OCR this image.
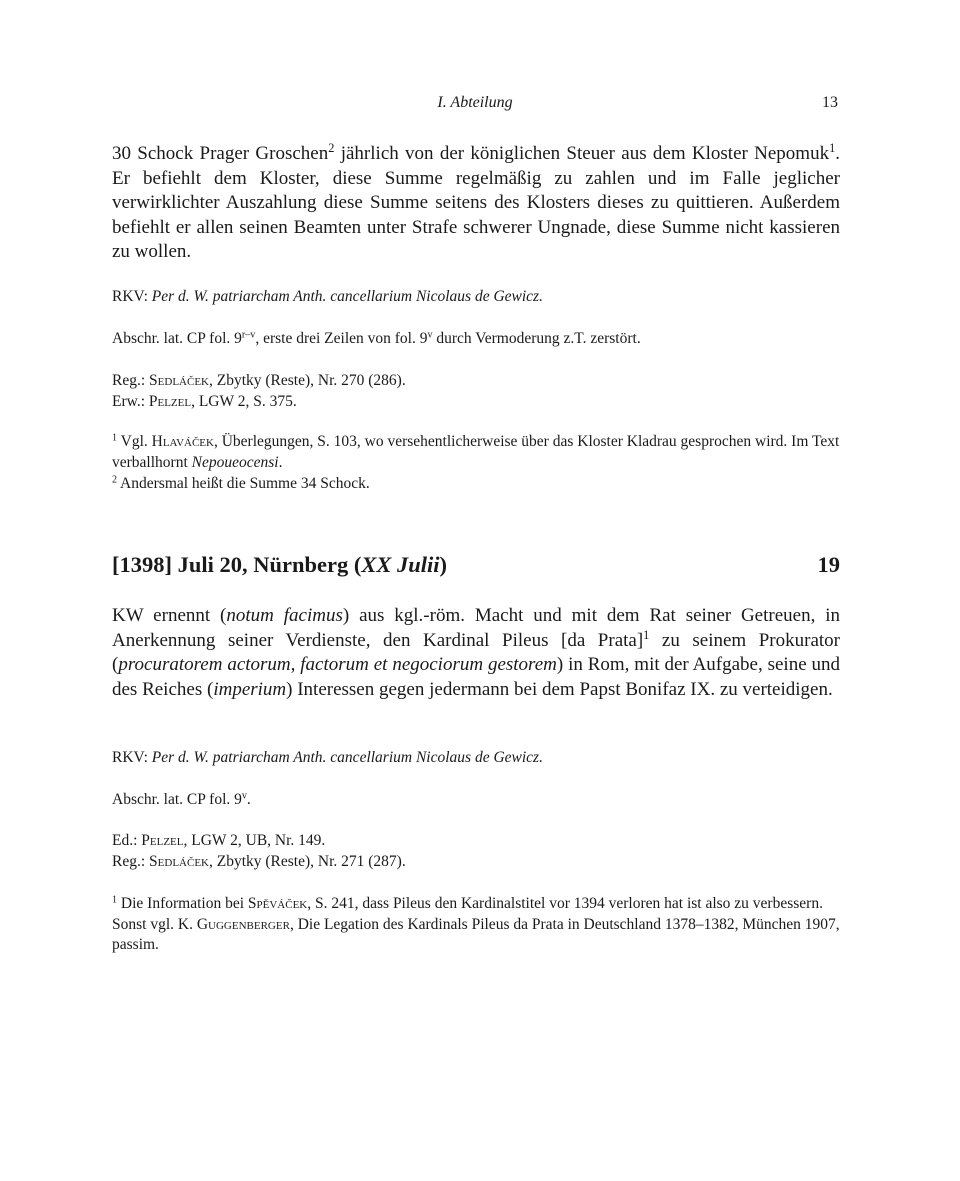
I. Abteilung	13

30 Schock Prager Groschen$^2$ jährlich von der königlichen Steuer aus dem Kloster Nepomuk$^1$. Er befiehlt dem Kloster, diese Summe regelmäßig zu zahlen und im Falle jeglicher verwirklichter Auszahlung diese Summe seitens des Klosters dieses zu quittieren. Außerdem befiehlt er allen seinen Beamten unter Strafe schwerer Ungnade, diese Summe nicht kassieren zu wollen.

RKV: Per d. W. patriarcham Anth. cancellarium Nicolaus de Gewicz.

Abschr. lat. CP fol. 9$^{r-v}$, erste drei Zeilen von fol. 9$^v$ durch Vermoderung z.T. zerstört.

Reg.: Sedláček, Zbytky (Reste), Nr. 270 (286).

Erw.: Pelzel, LGW 2, S. 375.

$^1$ Vgl. Hlaváček, Überlegungen, S. 103, wo versehentlicherweise über das Kloster Kladrau gesprochen wird. Im Text verballhornt Nepoueocensi.

$^2$ Andersmal heißt die Summe 34 Schock.

[1398] Juli 20, Nürnberg (XX Julii)	19

KW ernennt (notum facimus) aus kgl.-röm. Macht und mit dem Rat seiner Getreuen, in Anerkennung seiner Verdienste, den Kardinal Pileus [da Prata]$^1$ zu seinem Prokurator (procuratorem actorum, factorum et negociorum gestorem) in Rom, mit der Aufgabe, seine und des Reiches (imperium) Interessen gegen jedermann bei dem Papst Bonifaz IX. zu verteidigen.

RKV: Per d. W. patriarcham Anth. cancellarium Nicolaus de Gewicz.

Abschr. lat. CP fol. 9$^v$.

Ed.: Pelzel, LGW 2, UB, Nr. 149.

Reg.: Sedláček, Zbytky (Reste), Nr. 271 (287).

$^1$ Die Information bei Spěváček, S. 241, dass Pileus den Kardinalstitel vor 1394 verloren hat ist also zu verbessern. Sonst vgl. K. Guggenberger, Die Legation des Kardinals Pileus da Prata in Deutschland 1378–1382, München 1907, passim.
